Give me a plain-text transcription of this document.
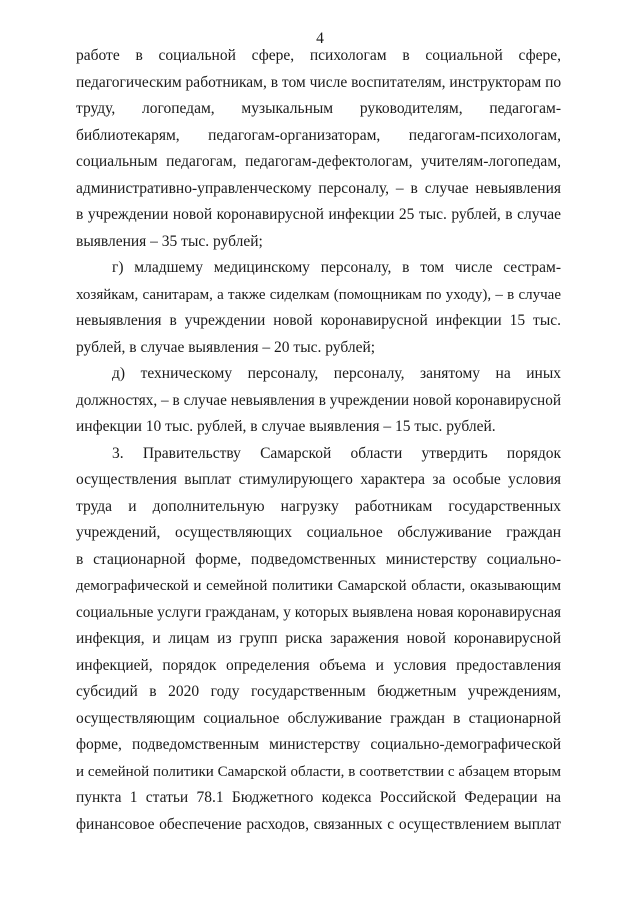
4
работе в социальной сфере, психологам в социальной сфере,
педагогическим работникам, в том числе воспитателям, инструкторам по
труду, логопедам, музыкальным руководителям, педагогам-
библиотекарям, педагогам-организаторам, педагогам-психологам,
социальным педагогам, педагогам-дефектологам, учителям-логопедам,
административно-управленческому персоналу, – в случае невыявления
в учреждении новой коронавирусной инфекции 25 тыс. рублей, в случае
выявления – 35 тыс. рублей;
г) младшему медицинскому персоналу, в том числе сестрам-
хозяйкам, санитарам, а также сиделкам (помощникам по уходу), – в случае
невыявления в учреждении новой коронавирусной инфекции 15 тыс.
рублей, в случае выявления – 20 тыс. рублей;
д) техническому персоналу, персоналу, занятому на иных
должностях, – в случае невыявления в учреждении новой коронавирусной
инфекции 10 тыс. рублей, в случае выявления – 15 тыс. рублей.
3. Правительству Самарской области утвердить порядок
осуществления выплат стимулирующего характера за особые условия
труда и дополнительную нагрузку работникам государственных
учреждений, осуществляющих социальное обслуживание граждан
в стационарной форме, подведомственных министерству социально-
демографической и семейной политики Самарской области, оказывающим
социальные услуги гражданам, у которых выявлена новая коронавирусная
инфекция, и лицам из групп риска заражения новой коронавирусной
инфекцией, порядок определения объема и условия предоставления
субсидий в 2020 году государственным бюджетным учреждениям,
осуществляющим социальное обслуживание граждан в стационарной
форме, подведомственным министерству социально-демографической
и семейной политики Самарской области, в соответствии с абзацем вторым
пункта 1 статьи 78.1 Бюджетного кодекса Российской Федерации на
финансовое обеспечение расходов, связанных с осуществлением выплат
